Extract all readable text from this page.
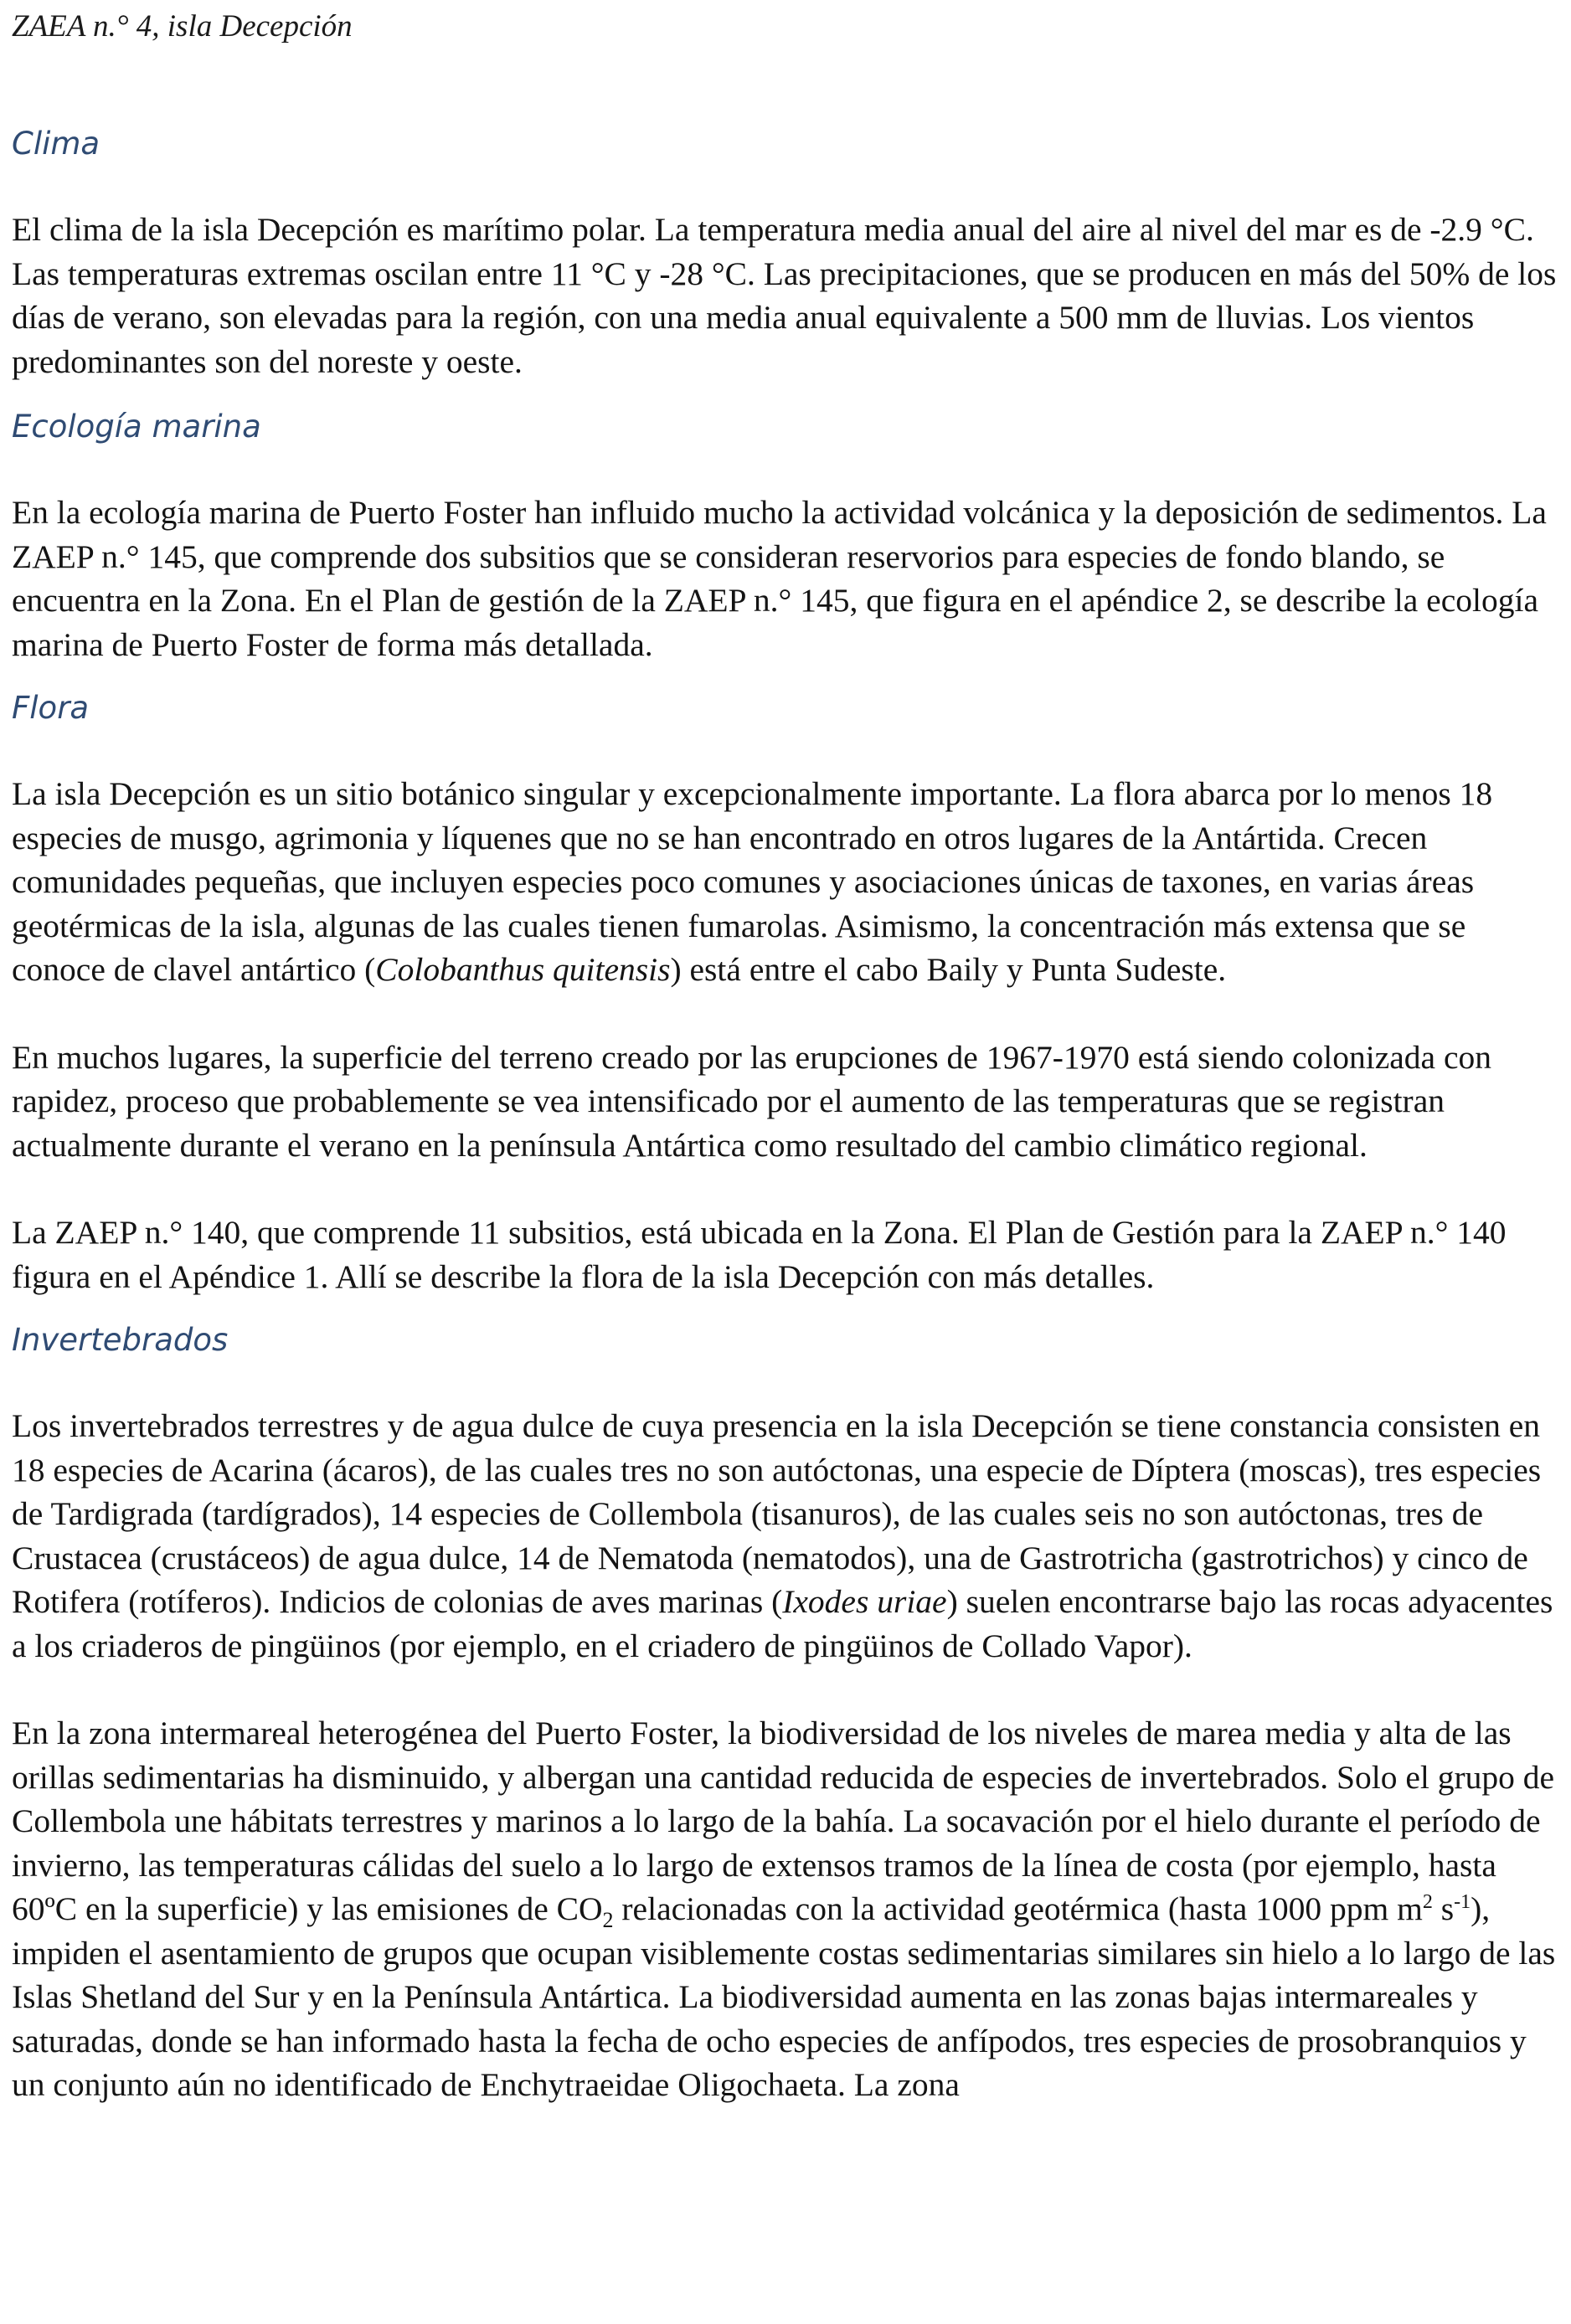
ZAEA n.° 4, isla Decepción
Clima

El clima de la isla Decepción es marítimo polar. La temperatura media anual del aire al nivel del mar es de -2.9 °C. Las temperaturas extremas oscilan entre 11 °C y -28 °C. Las precipitaciones, que se producen en más del 50% de los días de verano, son elevadas para la región, con una media anual equivalente a 500 mm de lluvias. Los vientos predominantes son del noreste y oeste.

Ecología marina

En la ecología marina de Puerto Foster han influido mucho la actividad volcánica y la deposición de sedimentos. La ZAEP n.° 145, que comprende dos subsitios que se consideran reservorios para especies de fondo blando, se encuentra en la Zona. En el Plan de gestión de la ZAEP n.° 145, que figura en el apéndice 2, se describe la ecología marina de Puerto Foster de forma más detallada.

Flora

La isla Decepción es un sitio botánico singular y excepcionalmente importante. La flora abarca por lo menos 18 especies de musgo, agrimonia y líquenes que no se han encontrado en otros lugares de la Antártida. Crecen comunidades pequeñas, que incluyen especies poco comunes y asociaciones únicas de taxones, en varias áreas geotérmicas de la isla, algunas de las cuales tienen fumarolas. Asimismo, la concentración más extensa que se conoce de clavel antártico (Colobanthus quitensis) está entre el cabo Baily y Punta Sudeste.

En muchos lugares, la superficie del terreno creado por las erupciones de 1967-1970 está siendo colonizada con rapidez, proceso que probablemente se vea intensificado por el aumento de las temperaturas que se registran actualmente durante el verano en la península Antártica como resultado del cambio climático regional.

La ZAEP n.° 140, que comprende 11 subsitios, está ubicada en la Zona. El Plan de Gestión para la ZAEP n.° 140 figura en el Apéndice 1. Allí se describe la flora de la isla Decepción con más detalles.

Invertebrados

Los invertebrados terrestres y de agua dulce de cuya presencia en la isla Decepción se tiene constancia consisten en 18 especies de Acarina (ácaros), de las cuales tres no son autóctonas, una especie de Díptera (moscas), tres especies de Tardigrada (tardígrados), 14 especies de Collembola (tisanuros), de las cuales seis no son autóctonas, tres de Crustacea (crustáceos) de agua dulce, 14 de Nematoda (nematodos), una de Gastrotricha (gastrotrichos) y cinco de Rotifera (rotíferos). Indicios de colonias de aves marinas (Ixodes uriae) suelen encontrarse bajo las rocas adyacentes a los criaderos de pingüinos (por ejemplo, en el criadero de pingüinos de Collado Vapor).

En la zona intermareal heterogénea del Puerto Foster, la biodiversidad de los niveles de marea media y alta de las orillas sedimentarias ha disminuido, y albergan una cantidad reducida de especies de invertebrados. Solo el grupo de Collembola une hábitats terrestres y marinos a lo largo de la bahía. La socavación por el hielo durante el período de invierno, las temperaturas cálidas del suelo a lo largo de extensos tramos de la línea de costa (por ejemplo, hasta 60ºC en la superficie) y las emisiones de $CO_2$ relacionadas con la actividad geotérmica (hasta 1000 ppm $m^2$ $s^{-1}$), impiden el asentamiento de grupos que ocupan visiblemente costas sedimentarias similares sin hielo a lo largo de las Islas Shetland del Sur y en la Península Antártica. La biodiversidad aumenta en las zonas bajas intermareales y saturadas, donde se han informado hasta la fecha de ocho especies de anfípodos, tres especies de prosobranquios y un conjunto aún no identificado de Enchytraeidae Oligochaeta. La zona
